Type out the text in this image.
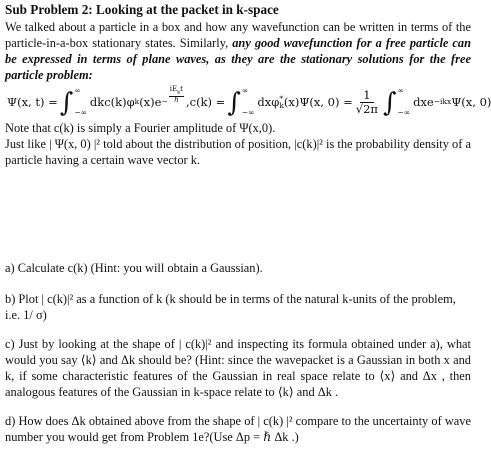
Sub Problem 2: Looking at the packet in k-space

We talked about a particle in a box and how any wavefunction can be written in terms of the particle-in-a-box stationary states. Similarly, any good wavefunction for a free particle can be expressed in terms of plane waves, as they are the stationary solutions for the free particle problem:

Ψ(x, t) = ∫ ∞
−∞
dkc(k)φ k $(x)e - \frac{iE_kt}{\text{ℏ}}$ , c(k) = ∫ ∞
−∞
dxφ *
k (x)Ψ(x, $0) = \frac{1}{√2\pi}$ ∫ ∞
−∞
dxe −ikx Ψ(x, 0)

Note that c(k) is simply a Fourier amplitude of Ψ(x,0).

Just like | Ψ(x, 0) |² told about the distribution of position, |c(k)|² is the probability density of a particle having a certain wave vector k.

a) Calculate c(k) (Hint: you will obtain a Gaussian).

b) Plot | c(k)|² as a function of k (k should be in terms of the natural k-units of the problem, i.e. 1/ σ)

c) Just by looking at the shape of | c(k)|² and inspecting its formula obtained under a), what would you say ⟨k⟩ and Δk should be? (Hint: since the wavepacket is a Gaussian in both x and k, if some characteristic features of the Gaussian in real space relate to ⟨x⟩ and Δx , then analogous features of the Gaussian in k-space relate to ⟨k⟩ and Δk .

d) How does Δk obtained above from the shape of | c(k) |² compare to the uncertainty of wave number you would get from Problem 1e?(Use Δp = ℏ Δk .)
